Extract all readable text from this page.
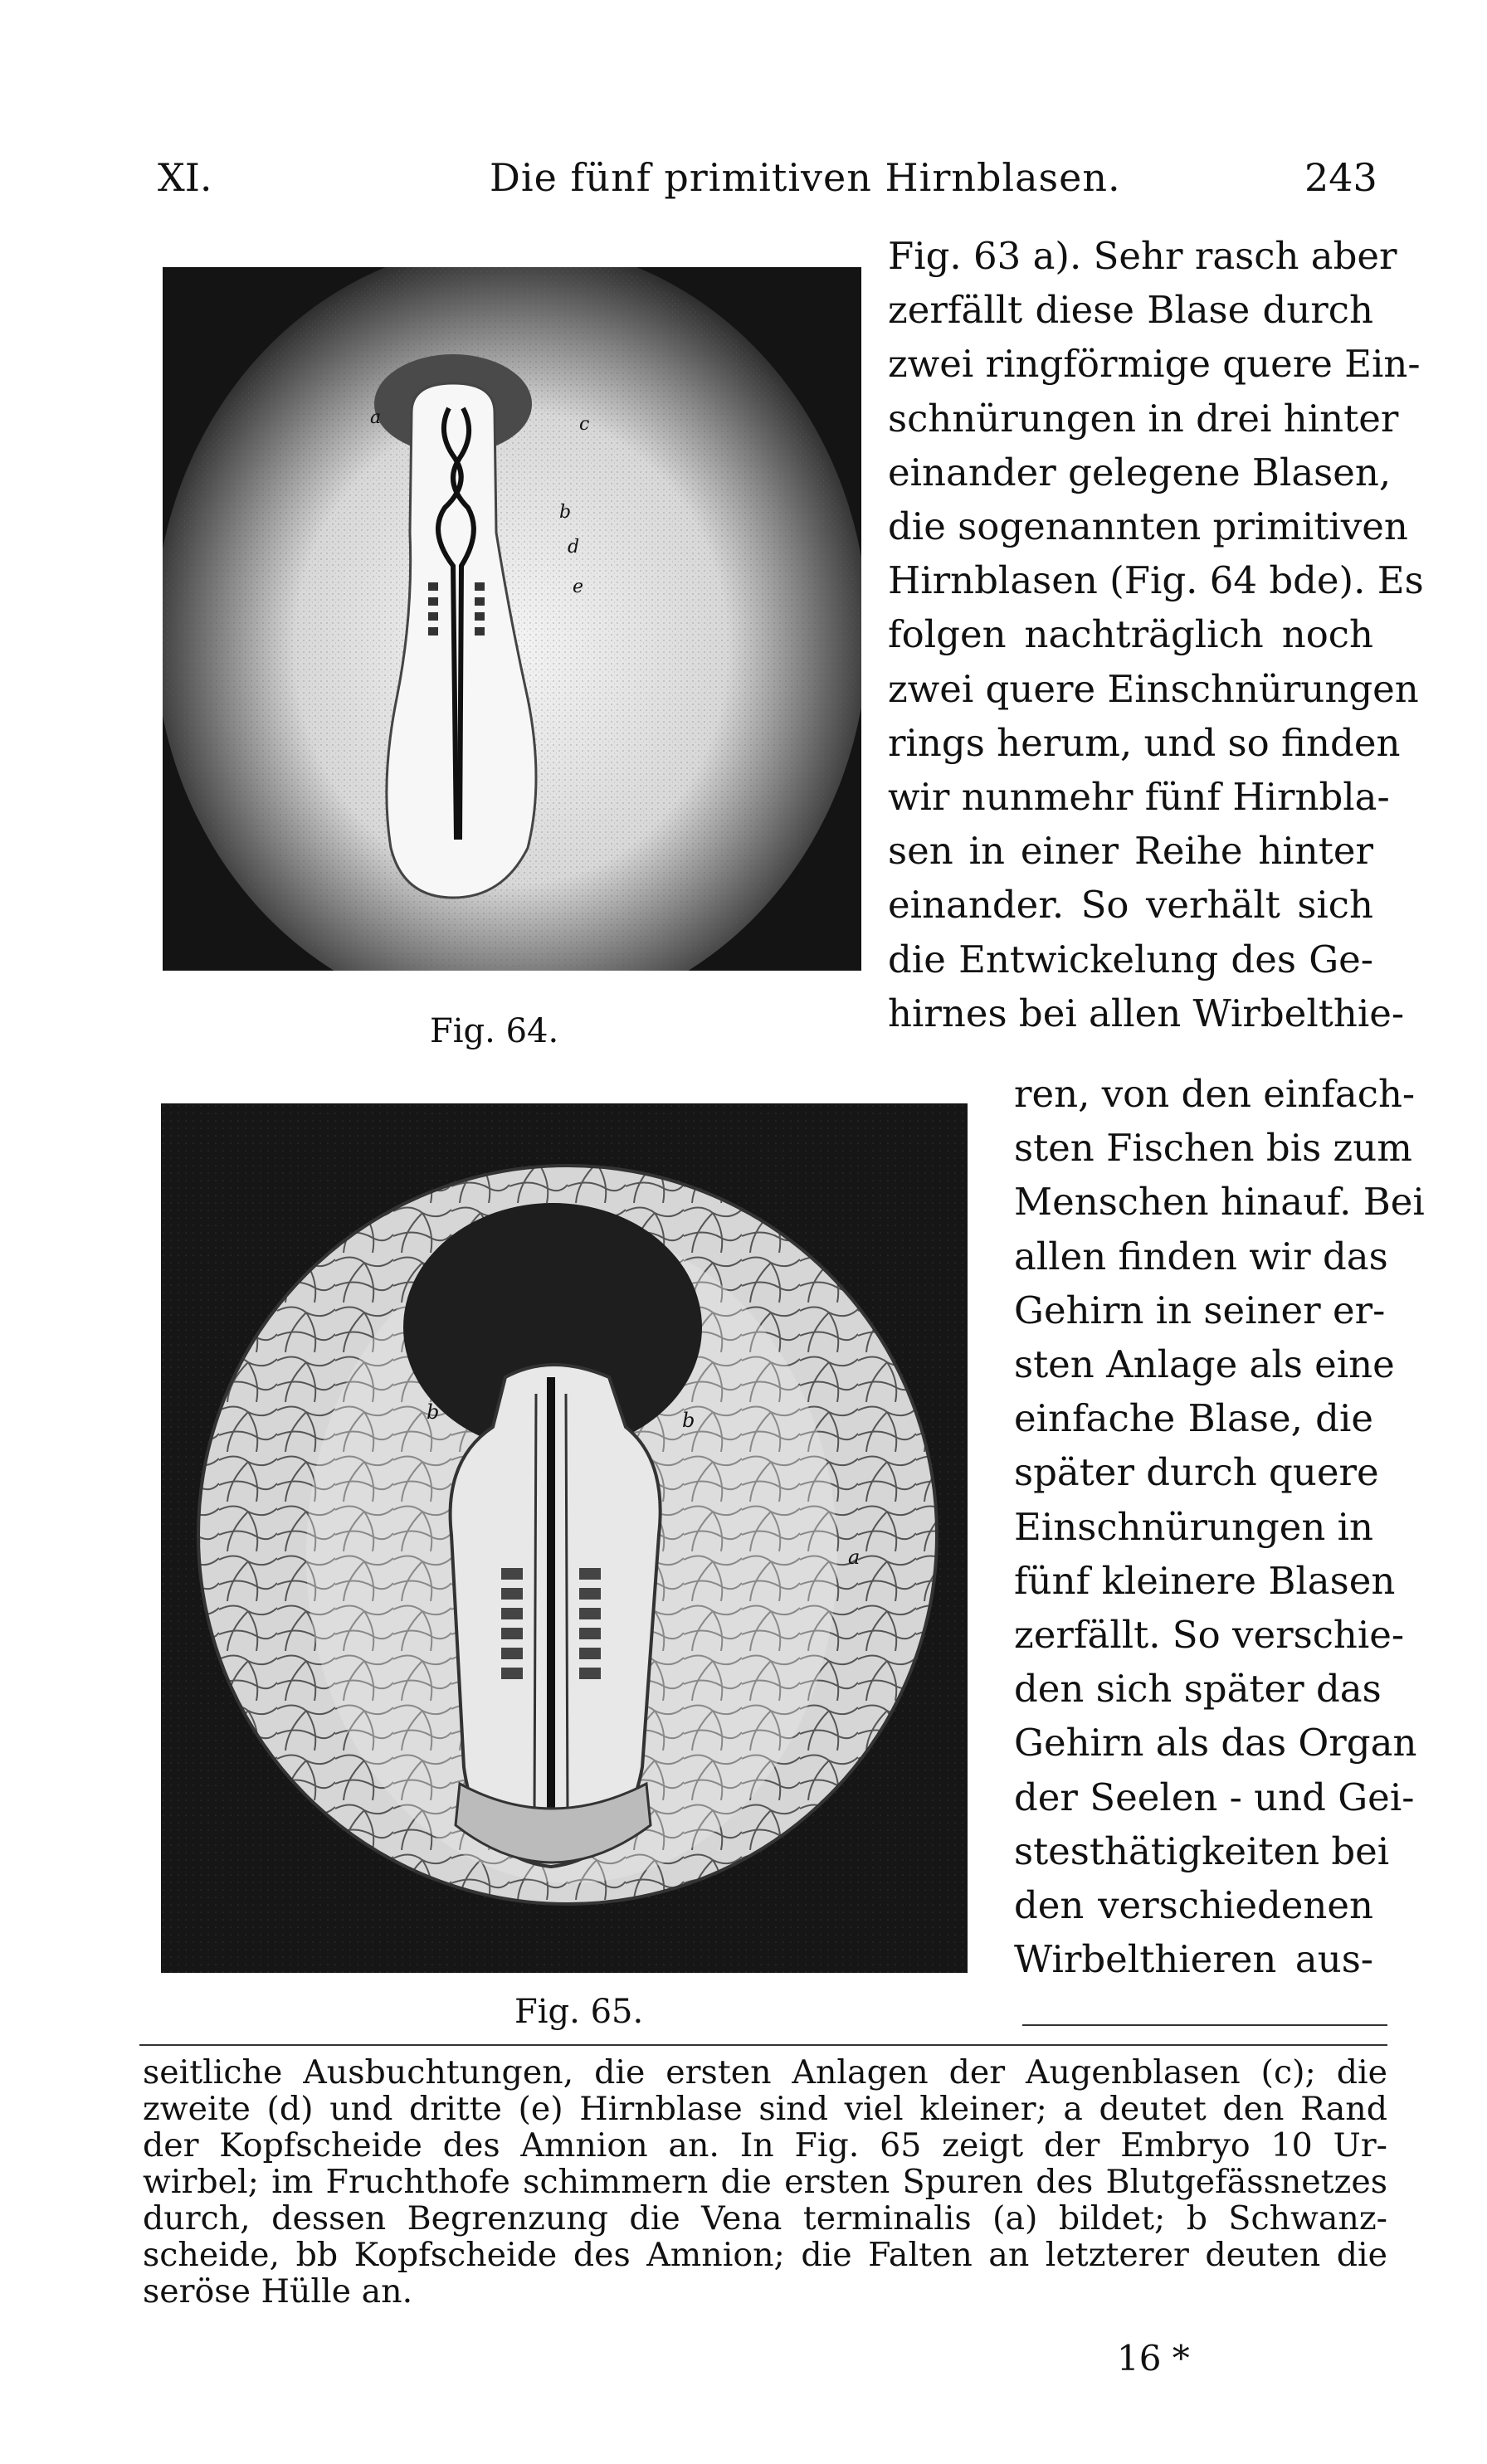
XI.	Die fünf primitiven Hirnblasen.	243
a	c
b
d
e
Fig. 64.
b	b
a
Fig. 65.
Fig. 63 a). Sehr rasch aber
zerfällt diese Blase durch
zwei ringförmige quere Ein-
schnürungen in drei hinter
einander gelegene Blasen,
die sogenannten primitiven
Hirnblasen (Fig. 64 bde). Es
folgen nachträglich noch
zwei quere Einschnürungen
rings herum, und so finden
wir nunmehr fünf Hirnbla-
sen in einer Reihe hinter
einander. So verhält sich
die Entwickelung des Ge-
hirnes bei allen Wirbelthie-
ren, von den einfach-
sten Fischen bis zum
Menschen hinauf. Bei
allen finden wir das
Gehirn in seiner er-
sten Anlage als eine
einfache Blase, die
später durch quere
Einschnürungen in
fünf kleinere Blasen
zerfällt. So verschie-
den sich später das
Gehirn als das Organ
der Seelen - und Gei-
stesthätigkeiten bei
den verschiedenen
Wirbelthieren aus-
seitliche Ausbuchtungen, die ersten Anlagen der Augenblasen (c); die
zweite (d) und dritte (e) Hirnblase sind viel kleiner; a deutet den Rand
der Kopfscheide des Amnion an. In Fig. 65 zeigt der Embryo 10 Ur-
wirbel; im Fruchthofe schimmern die ersten Spuren des Blutgefässnetzes
durch, dessen Begrenzung die Vena terminalis (a) bildet; b Schwanz-
scheide, bb Kopfscheide des Amnion; die Falten an letzterer deuten die
seröse Hülle an.
16 *
